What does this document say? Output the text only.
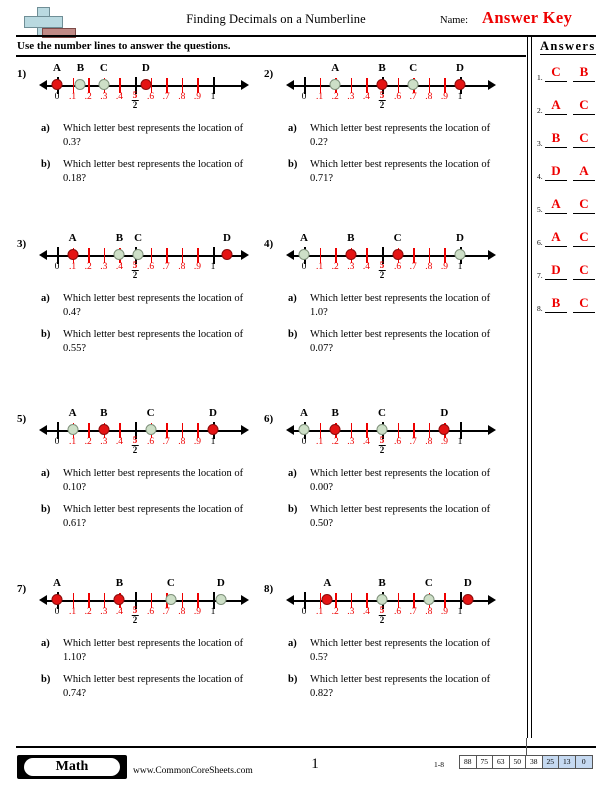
Finding Decimals on a Numberline	Name: Answer Key
Use the number lines to answer the questions.	Answers
1. C	B
2. A	C
3. B	C
4. D	A
5. A	C
6. A	C
7. D	C
8. B	C
1)
0 .1 .2 .3 $.4 \frac{5}{2} .6$ .7 .8 .9 1
A B C	D
a) Which letter best represents the location of 0.3?
b) Which letter best represents the location of 0.18?
2)
0 .1 .2 .3 $.4 \frac{5}{2} .6$ .7 .8 .9 1
A	B C	D
a) Which letter best represents the location of 0.2?
b) Which letter best represents the location of 0.71?
3)
0 .1 .2 .3 $.4 \frac{5}{2} .6$ .7 .8 .9 1
A	B C	D
a) Which letter best represents the location of 0.4?
b) Which letter best represents the location of 0.55?
4)
0 .1 .2 .3 $.4 \frac{5}{2} .6$ .7 .8 .9 1
A	B	C	D
a) Which letter best represents the location of 1.0?
b) Which letter best represents the location of 0.07?
5)
0 .1 .2 .3 $.4 \frac{5}{2} .6$ .7 .8 .9 1
A B	C	D
a) Which letter best represents the location of 0.10?
b) Which letter best represents the location of 0.61?
6)
0 .1 .2 .3 $.4 \frac{5}{2} .6$ .7 .8 .9 1
A B	C	D
a) Which letter best represents the location of 0.00?
b) Which letter best represents the location of 0.50?
7)
0 .1 .2 .3 $.4 \frac{5}{2} .6$ .7 .8 .9 1
A	B	C	D
a) Which letter best represents the location of 1.10?
b) Which letter best represents the location of 0.74?
8)
0 .1 .2 .3 $.4 \frac{5}{2} .6$ .7 .8 .9 1
A	B	C	D
a) Which letter best represents the location of 0.5?
b) Which letter best represents the location of 0.82?
Math	www.CommonCoreSheets.com	1	1-8	88	75	63	50	38	25	13	0
